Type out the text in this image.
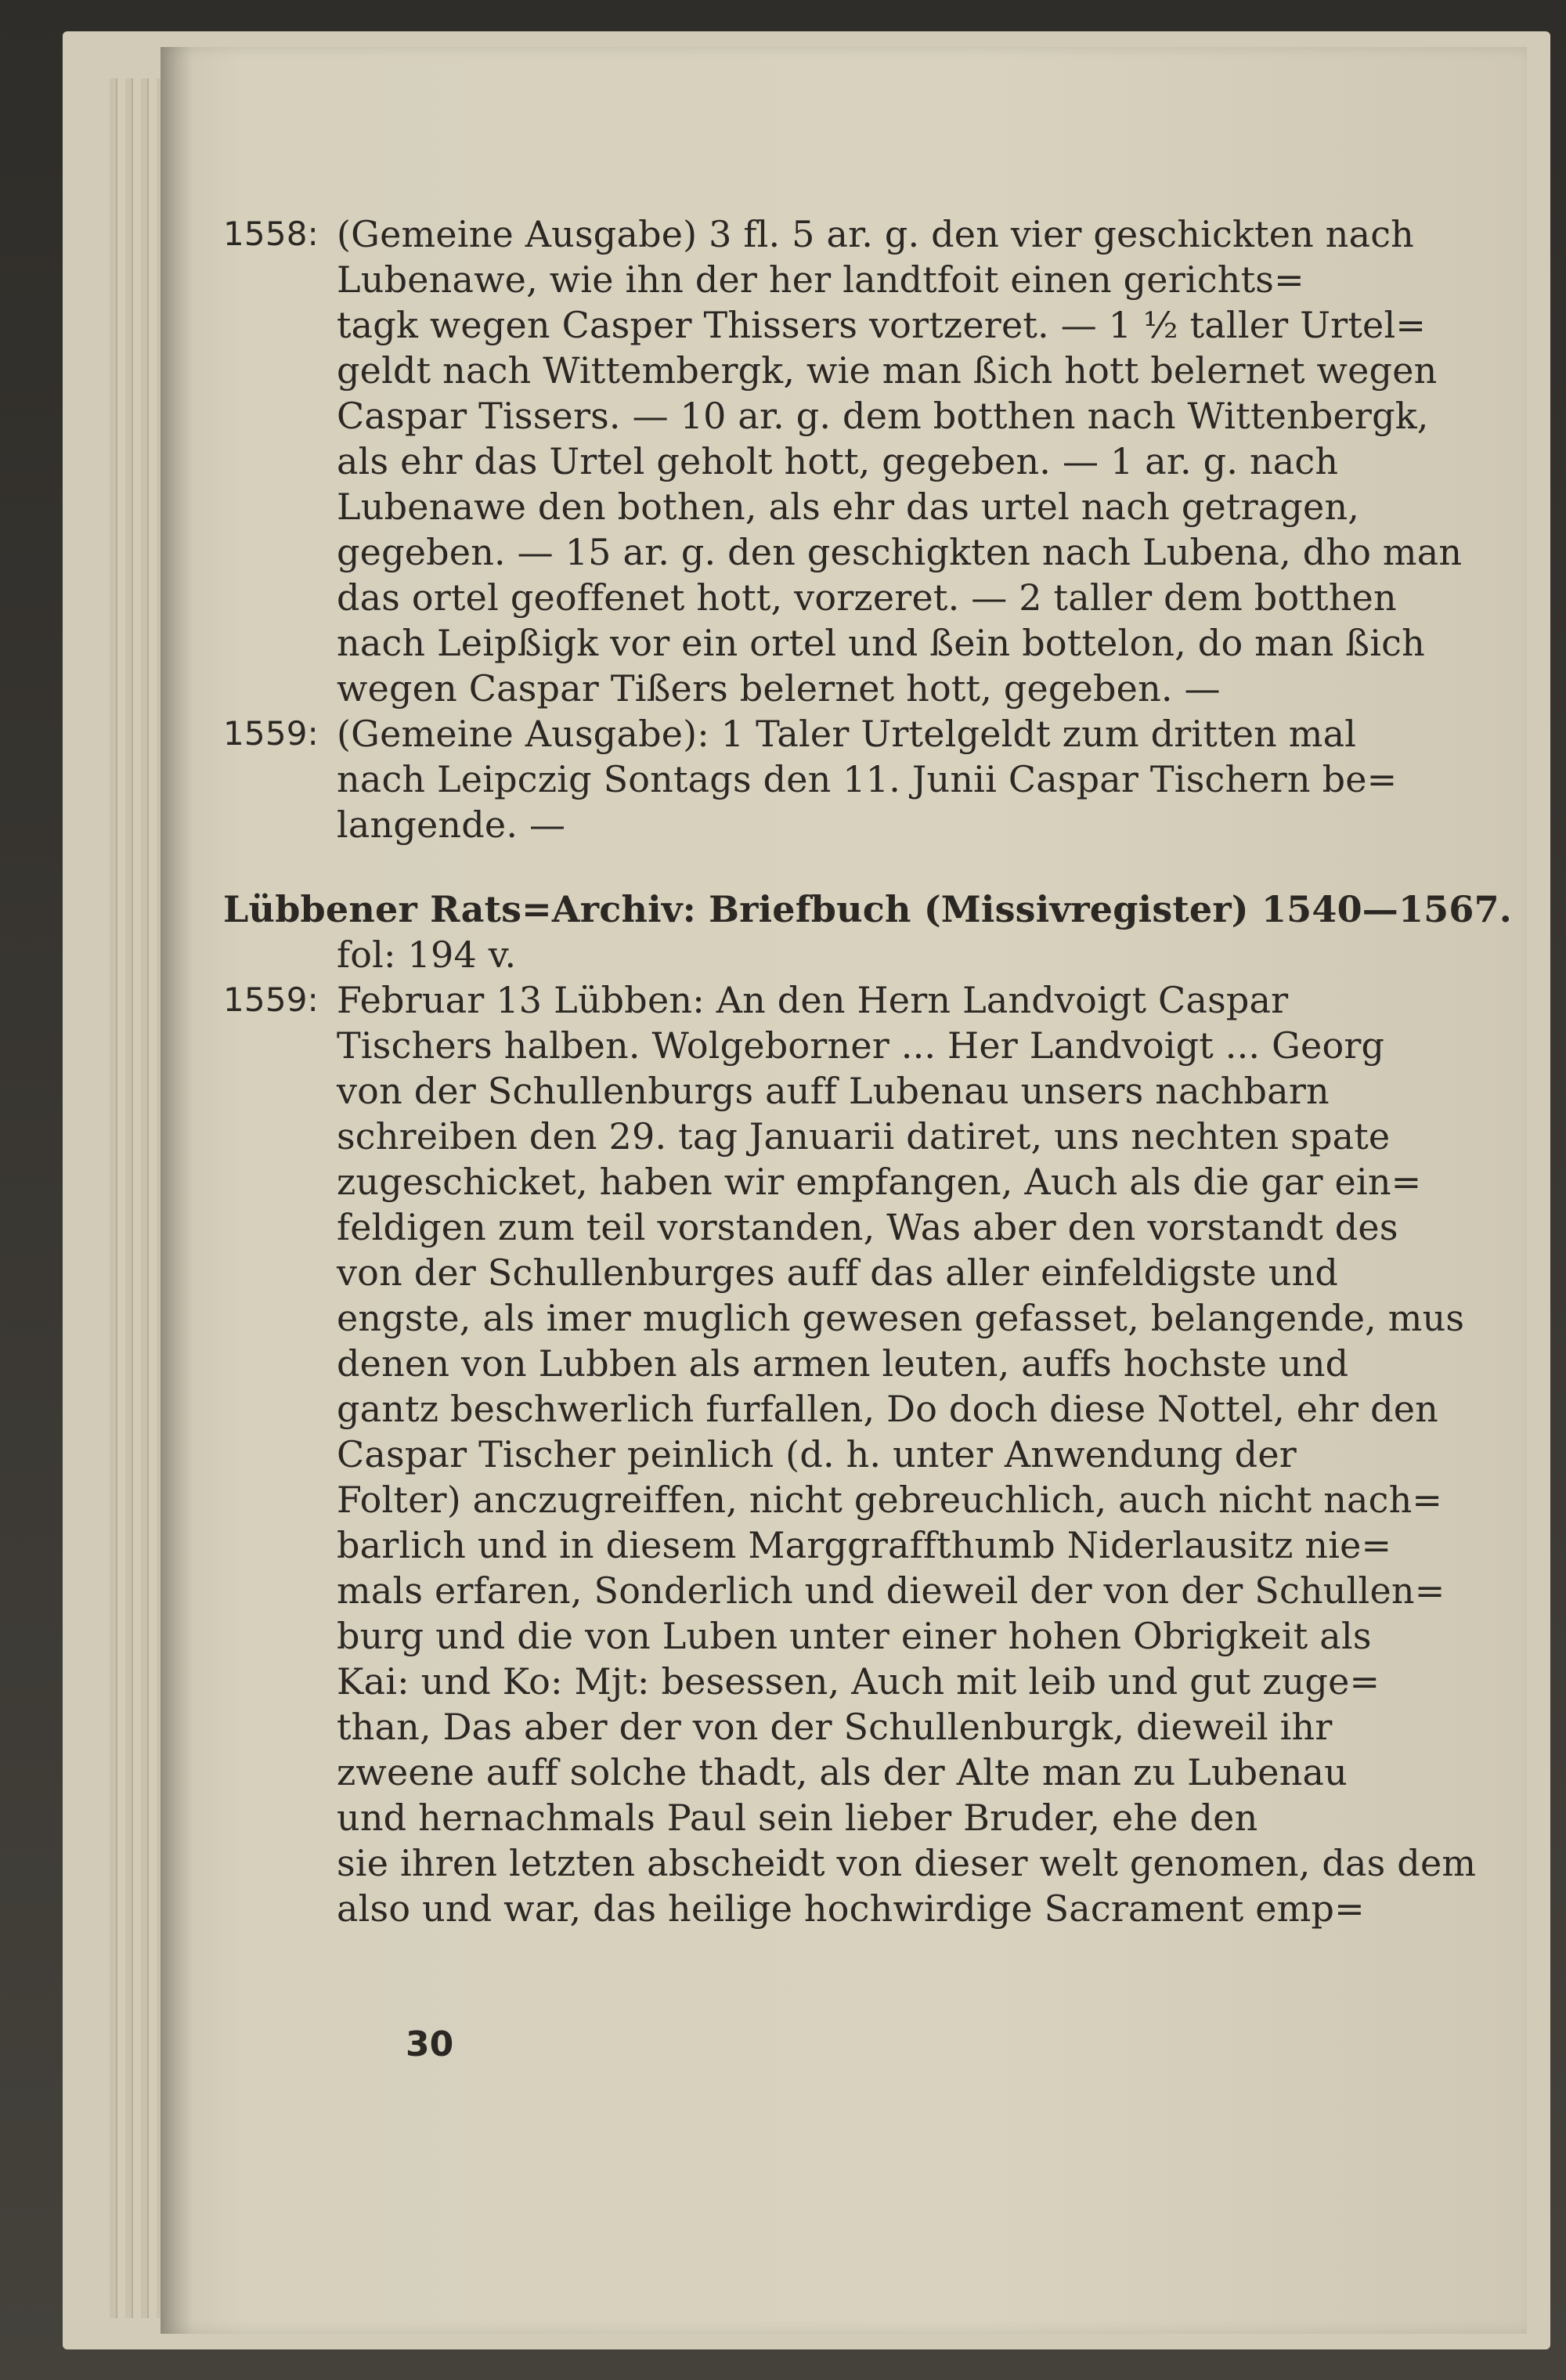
1558: (Gemeine Ausgabe) 3 fl. 5 ar. g. den vier geschickten nach
Lubenawe, wie ihn der her landtfoit einen gerichts=
tagk wegen Casper Thissers vortzeret. — 1 ½ taller Urtel=
geldt nach Wittembergk, wie man ßich hott belernet wegen
Caspar Tissers. — 10 ar. g. dem botthen nach Wittenbergk,
als ehr das Urtel geholt hott, gegeben. — 1 ar. g. nach
Lubenawe den bothen, als ehr das urtel nach getragen,
gegeben. — 15 ar. g. den geschigkten nach Lubena, dho man
das ortel geoffenet hott, vorzeret. — 2 taller dem botthen
nach Leipßigk vor ein ortel und ßein bottelon, do man ßich
wegen Caspar Tißers belernet hott, gegeben. —
1559: (Gemeine Ausgabe): 1 Taler Urtelgeldt zum dritten mal
nach Leipczig Sontags den 11. Junii Caspar Tischern be=
langende. —
Lübbener Rats=Archiv: Briefbuch (Missivregister) 1540—1567.
fol: 194 v.
1559: Februar 13 Lübben: An den Hern Landvoigt Caspar
Tischers halben. Wolgeborner ... Her Landvoigt ... Georg
von der Schullenburgs auff Lubenau unsers nachbarn
schreiben den 29. tag Januarii datiret, uns nechten spate
zugeschicket, haben wir empfangen, Auch als die gar ein=
feldigen zum teil vorstanden, Was aber den vorstandt des
von der Schullenburges auff das aller einfeldigste und
engste, als imer muglich gewesen gefasset, belangende, mus
denen von Lubben als armen leuten, auffs hochste und
gantz beschwerlich furfallen, Do doch diese Nottel, ehr den
Caspar Tischer peinlich (d. h. unter Anwendung der
Folter) anczugreiffen, nicht gebreuchlich, auch nicht nach=
barlich und in diesem Marggraffthumb Niderlausitz nie=
mals erfaren, Sonderlich und dieweil der von der Schullen=
burg und die von Luben unter einer hohen Obrigkeit als
Kai: und Ko: Mjt: besessen, Auch mit leib und gut zuge=
than, Das aber der von der Schullenburgk, dieweil ihr
zweene auff solche thadt, als der Alte man zu Lubenau
und hernachmals Paul sein lieber Bruder, ehe den
sie ihren letzten abscheidt von dieser welt genomen, das dem
also und war, das heilige hochwirdige Sacrament emp=
30
